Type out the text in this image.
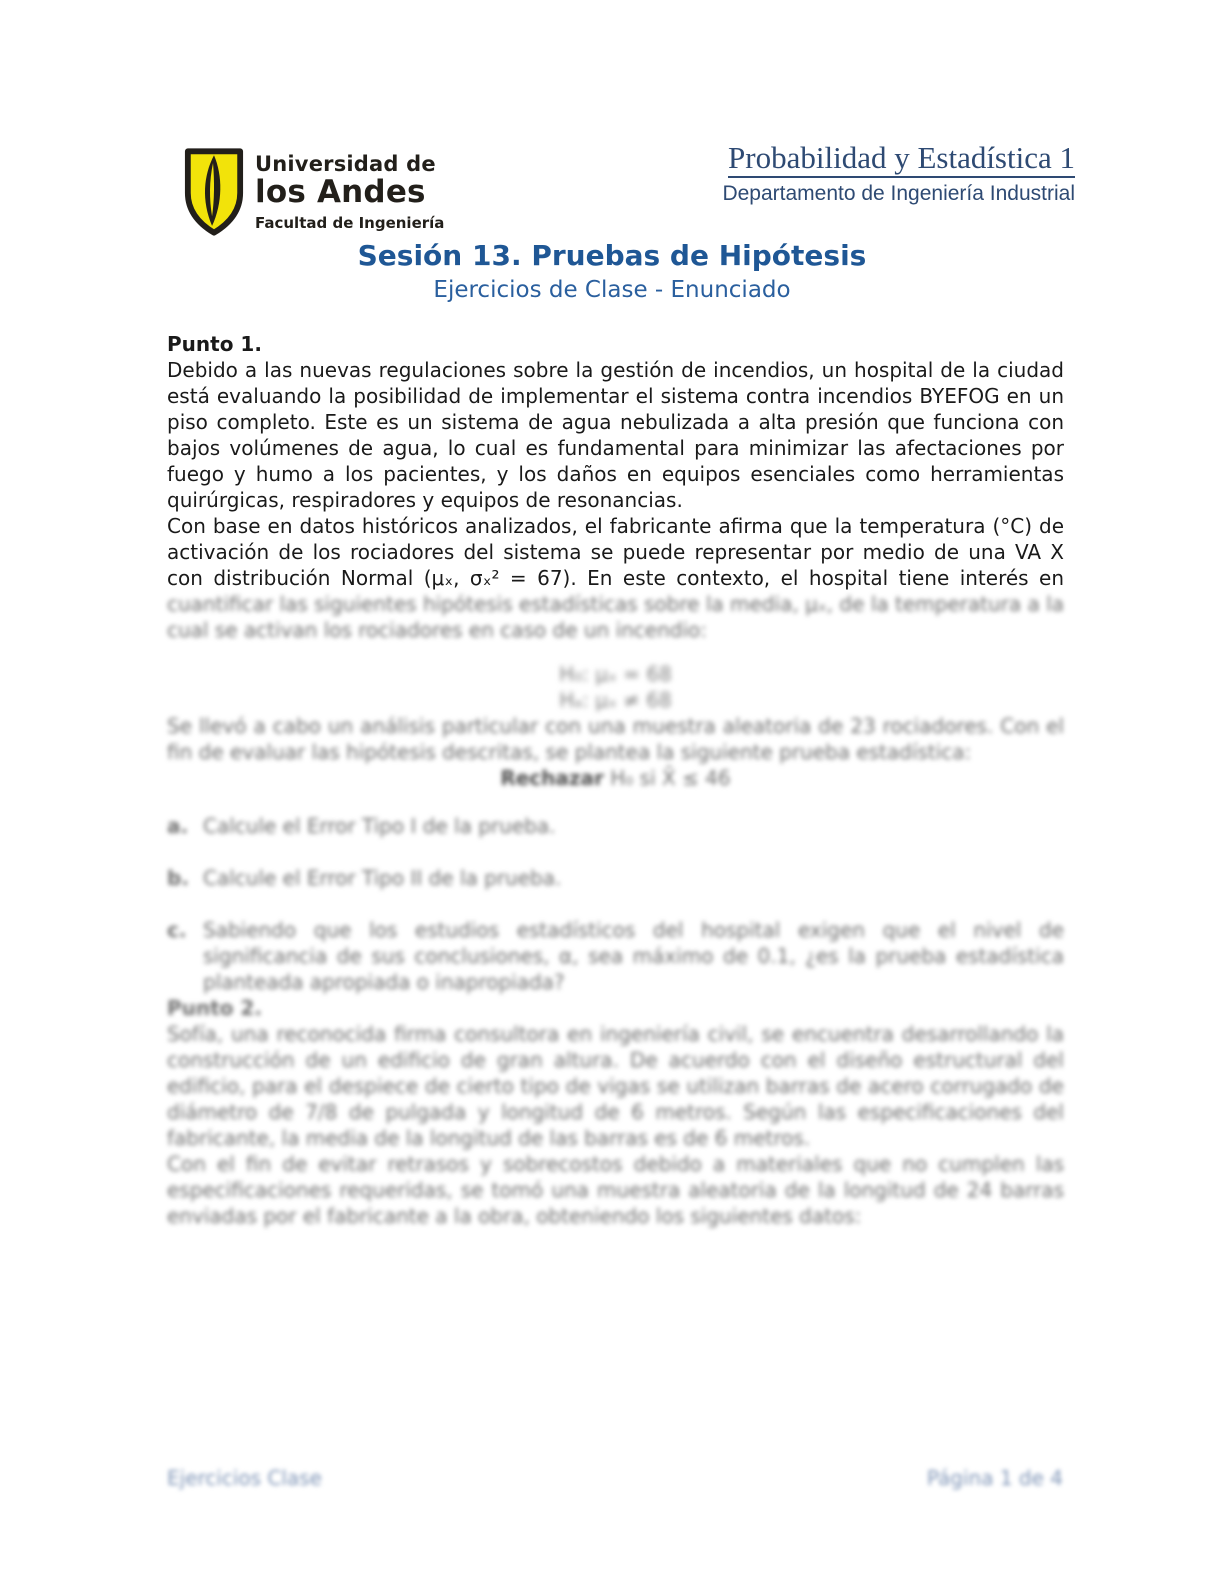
Universidad de
los Andes
Facultad de Ingeniería
Probabilidad y Estadística 1
Departamento de Ingeniería Industrial
Sesión 13. Pruebas de Hipótesis
Ejercicios de Clase - Enunciado

Punto 1.

Debido a las nuevas regulaciones sobre la gestión de incendios, un hospital de la ciudad está evaluando la posibilidad de implementar el sistema contra incendios BYEFOG en un piso completo. Este es un sistema de agua nebulizada a alta presión que funciona con bajos volúmenes de agua, lo cual es fundamental para minimizar las afectaciones por fuego y humo a los pacientes, y los daños en equipos esenciales como herramientas quirúrgicas, respiradores y equipos de resonancias.

Con base en datos históricos analizados, el fabricante afirma que la temperatura (°C) de activación de los rociadores del sistema se puede representar por medio de una VA X con distribución Normal (μₓ, σₓ² = 67). En este contexto, el hospital tiene interés en

cuantificar las siguientes hipótesis estadísticas sobre la media, μₓ, de la temperatura a la cual se activan los rociadores en caso de un incendio:

H₀: μₓ = 68
Hₐ: μₓ ≠ 68

Se llevó a cabo un análisis particular con una muestra aleatoria de 23 rociadores. Con el fin de evaluar las hipótesis descritas, se plantea la siguiente prueba estadística:

Rechazar H₀ si X̄ ≤ 46

a. Calcule el Error Tipo I de la prueba.
b. Calcule el Error Tipo II de la prueba.
c. Sabiendo que los estudios estadísticos del hospital exigen que el nivel de significancia de sus conclusiones, α, sea máximo de 0.1, ¿es la prueba estadística planteada apropiada o inapropiada?

Punto 2.

Sofía, una reconocida firma consultora en ingeniería civil, se encuentra desarrollando la construcción de un edificio de gran altura. De acuerdo con el diseño estructural del edificio, para el despiece de cierto tipo de vigas se utilizan barras de acero corrugado de diámetro de 7/8 de pulgada y longitud de 6 metros. Según las especificaciones del fabricante, la media de la longitud de las barras es de 6 metros.

Con el fin de evitar retrasos y sobrecostos debido a materiales que no cumplen las especificaciones requeridas, se tomó una muestra aleatoria de la longitud de 24 barras enviadas por el fabricante a la obra, obteniendo los siguientes datos:

Ejercicios Clase	Página 1 de 4
